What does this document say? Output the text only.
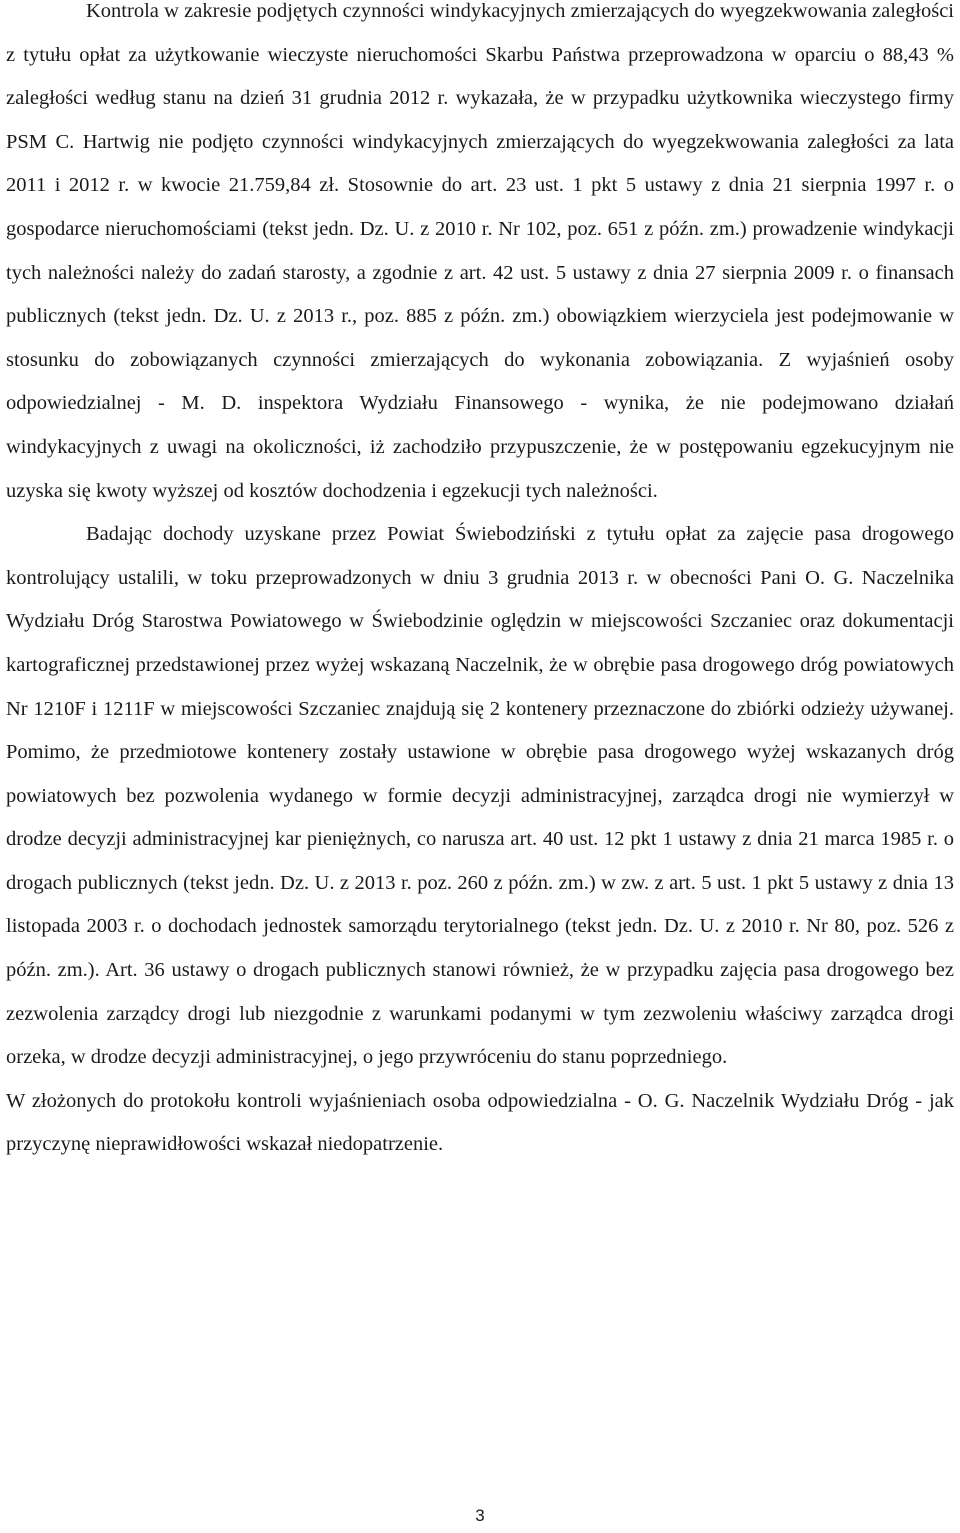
Kontrola w zakresie podjętych czynności windykacyjnych zmierzających do wyegzekwowania zaległości z tytułu opłat za użytkowanie wieczyste nieruchomości Skarbu Państwa przeprowadzona w oparciu o 88,43 % zaległości według stanu na dzień 31 grudnia 2012 r. wykazała, że w przypadku użytkownika wieczystego firmy PSM C. Hartwig nie podjęto czynności windykacyjnych zmierzających do wyegzekwowania zaległości za lata 2011 i 2012 r. w kwocie 21.759,84 zł. Stosownie do art. 23 ust. 1 pkt 5 ustawy z dnia 21 sierpnia 1997 r. o gospodarce nieruchomościami (tekst jedn. Dz. U. z 2010 r. Nr 102, poz. 651 z późn. zm.) prowadzenie windykacji tych należności należy do zadań starosty, a zgodnie z art. 42 ust. 5 ustawy z dnia 27 sierpnia 2009 r. o finansach publicznych (tekst jedn. Dz. U. z 2013 r., poz. 885 z późn. zm.) obowiązkiem wierzyciela jest podejmowanie w stosunku do zobowiązanych czynności zmierzających do wykonania zobowiązania. Z wyjaśnień osoby odpowiedzialnej - M. D. inspektora Wydziału Finansowego - wynika, że nie podejmowano działań windykacyjnych z uwagi na okoliczności, iż zachodziło przypuszczenie, że w postępowaniu egzekucyjnym nie uzyska się kwoty wyższej od kosztów dochodzenia i egzekucji tych należności.

Badając dochody uzyskane przez Powiat Świebodziński z tytułu opłat za zajęcie pasa drogowego kontrolujący ustalili, w toku przeprowadzonych w dniu 3 grudnia 2013 r. w obecności Pani O. G. Naczelnika Wydziału Dróg Starostwa Powiatowego w Świebodzinie oględzin w miejscowości Szczaniec oraz dokumentacji kartograficznej przedstawionej przez wyżej wskazaną Naczelnik, że w obrębie pasa drogowego dróg powiatowych Nr 1210F i 1211F w miejscowości Szczaniec znajdują się 2 kontenery przeznaczone do zbiórki odzieży używanej. Pomimo, że przedmiotowe kontenery zostały ustawione w obrębie pasa drogowego wyżej wskazanych dróg powiatowych bez pozwolenia wydanego w formie decyzji administracyjnej, zarządca drogi nie wymierzył w drodze decyzji administracyjnej kar pieniężnych, co narusza art. 40 ust. 12 pkt 1 ustawy z dnia 21 marca 1985 r. o drogach publicznych (tekst jedn. Dz. U. z 2013 r. poz. 260 z późn. zm.) w zw. z art. 5 ust. 1 pkt 5 ustawy z dnia 13 listopada 2003 r. o dochodach jednostek samorządu terytorialnego (tekst jedn. Dz. U. z 2010 r. Nr 80, poz. 526 z późn. zm.). Art. 36 ustawy o drogach publicznych stanowi również, że w przypadku zajęcia pasa drogowego bez zezwolenia zarządcy drogi lub niezgodnie z warunkami podanymi w tym zezwoleniu właściwy zarządca drogi orzeka, w drodze decyzji administracyjnej, o jego przywróceniu do stanu poprzedniego.

W złożonych do protokołu kontroli wyjaśnieniach osoba odpowiedzialna - O. G. Naczelnik Wydziału Dróg - jak przyczynę nieprawidłowości wskazał niedopatrzenie.

3
